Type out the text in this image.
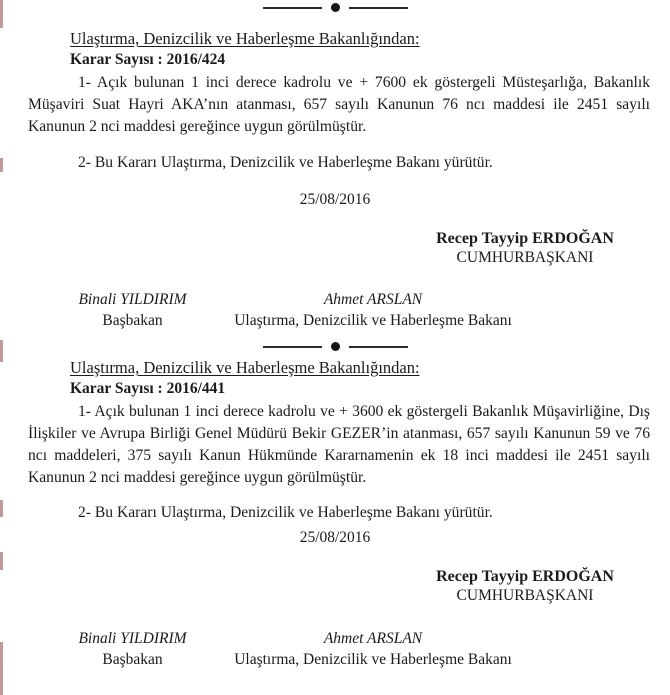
Ulaştırma, Denizcilik ve Haberleşme Bakanlığından:
Karar Sayısı : 2016/424
1- Açık bulunan 1 inci derece kadrolu ve + 7600 ek göstergeli Müsteşarlığa, Bakanlık Müşaviri Suat Hayri AKA’nın atanması, 657 sayılı Kanunun 76 ncı maddesi ile 2451 sayılı Kanunun 2 nci maddesi gereğince uygun görülmüştür.
2- Bu Kararı Ulaştırma, Denizcilik ve Haberleşme Bakanı yürütür.
25/08/2016
Recep Tayyip ERDOĞAN
CUMHURBAŞKANI
Binali YILDIRIM
Başbakan
Ahmet ARSLAN
Ulaştırma, Denizcilik ve Haberleşme Bakanı
Ulaştırma, Denizcilik ve Haberleşme Bakanlığından:
Karar Sayısı : 2016/441
1- Açık bulunan 1 inci derece kadrolu ve + 3600 ek göstergeli Bakanlık Müşavirliğine, Dış İlişkiler ve Avrupa Birliği Genel Müdürü Bekir GEZER’in atanması, 657 sayılı Kanunun 59 ve 76 ncı maddeleri, 375 sayılı Kanun Hükmünde Kararnamenin ek 18 inci maddesi ile 2451 sayılı Kanunun 2 nci maddesi gereğince uygun görülmüştür.
2- Bu Kararı Ulaştırma, Denizcilik ve Haberleşme Bakanı yürütür.
25/08/2016
Recep Tayyip ERDOĞAN
CUMHURBAŞKANI
Binali YILDIRIM
Başbakan
Ahmet ARSLAN
Ulaştırma, Denizcilik ve Haberleşme Bakanı
